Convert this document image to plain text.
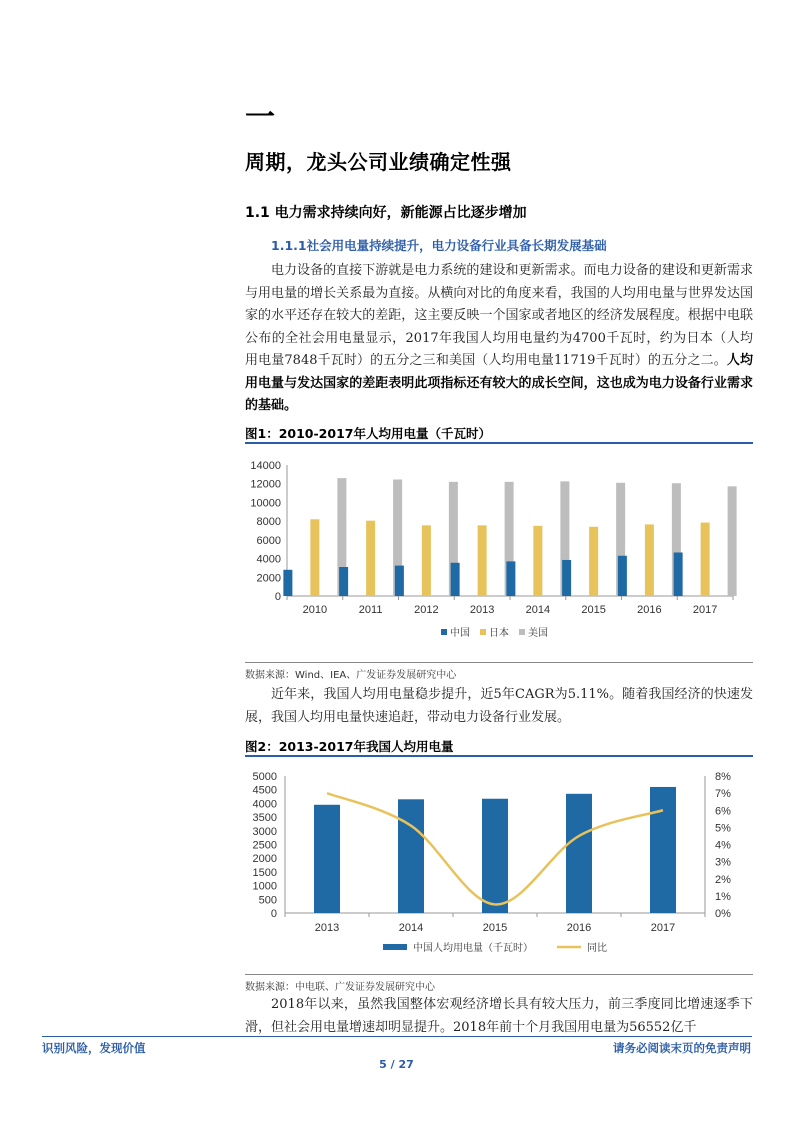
一
周期，龙头公司业绩确定性强
1.1 电力需求持续向好，新能源占比逐步增加
1.1.1社会用电量持续提升，电力设备行业具备长期发展基础

电力设备的直接下游就是电力系统的建设和更新需求。而电力设备的建设和更新需求与用电量的增长关系最为直接。从横向对比的角度来看，我国的人均用电量与世界发达国家的水平还存在较大的差距，这主要反映一个国家或者地区的经济发展程度。根据中电联公布的全社会用电量显示，2017年我国人均用电量约为4700千瓦时，约为日本（人均用电量7848千瓦时）的五分之三和美国（人均用电量11719千瓦时）的五分之二。人均用电量与发达国家的差距表明此项指标还有较大的成长空间，这也成为电力设备行业需求的基础。

图1：2010-2017年人均用电量（千瓦时）
0
2000
4000
6000
8000
10000
12000
14000
2010	2011	2012	2013	2014	2015	2016	2017
中国 日本 美国
数据来源：Wind、IEA、广发证券发展研究中心

近年来，我国人均用电量稳步提升，近5年CAGR为5.11%。随着我国经济的快速发展，我国人均用电量快速追赶，带动电力设备行业发展。

图2：2013-2017年我国人均用电量
0
500
1000
1500
2000
2500
3000
3500
4000
4500
5000
0%
1%
2%
3%
4%
5%
6%
7%
8%
2013	2014	2015	2016	2017
中国人均用电量（千瓦时）	同比
数据来源：中电联、广发证券发展研究中心

2018年以来，虽然我国整体宏观经济增长具有较大压力，前三季度同比增速逐季下滑，但社会用电量增速却明显提升。2018年前十个月我国用电量为56552亿千

识别风险，发现价值	请务必阅读末页的免责声明
5 / 27
